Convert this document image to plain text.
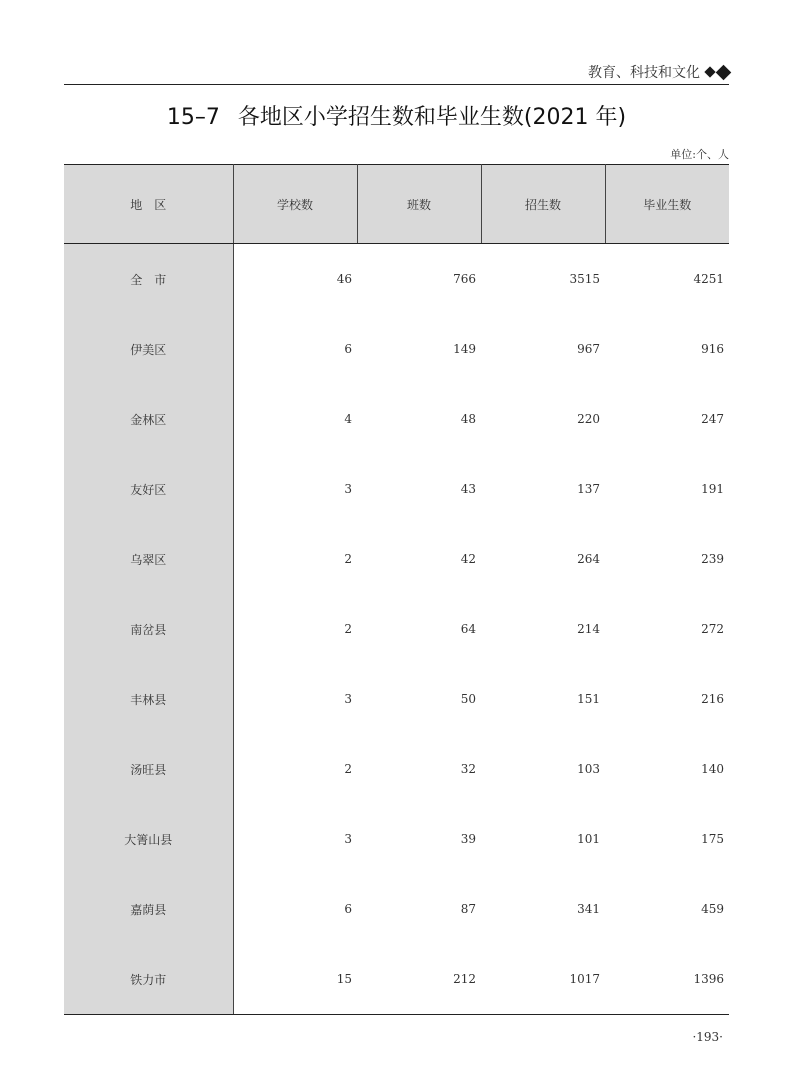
教育、科技和文化
15–7 各地区小学招生数和毕业生数(2021 年)
单位:个、人
地　区	学校数	班数	招生数	毕业生数
全　市	46	766	3515	4251
伊美区	6	149	967	916
金林区	4	48	220	247
友好区	3	43	137	191
乌翠区	2	42	264	239
南岔县	2	64	214	272
丰林县	3	50	151	216
汤旺县	2	32	103	140
大箐山县	3	39	101	175
嘉荫县	6	87	341	459
铁力市	15	212	1017	1396
·193·
